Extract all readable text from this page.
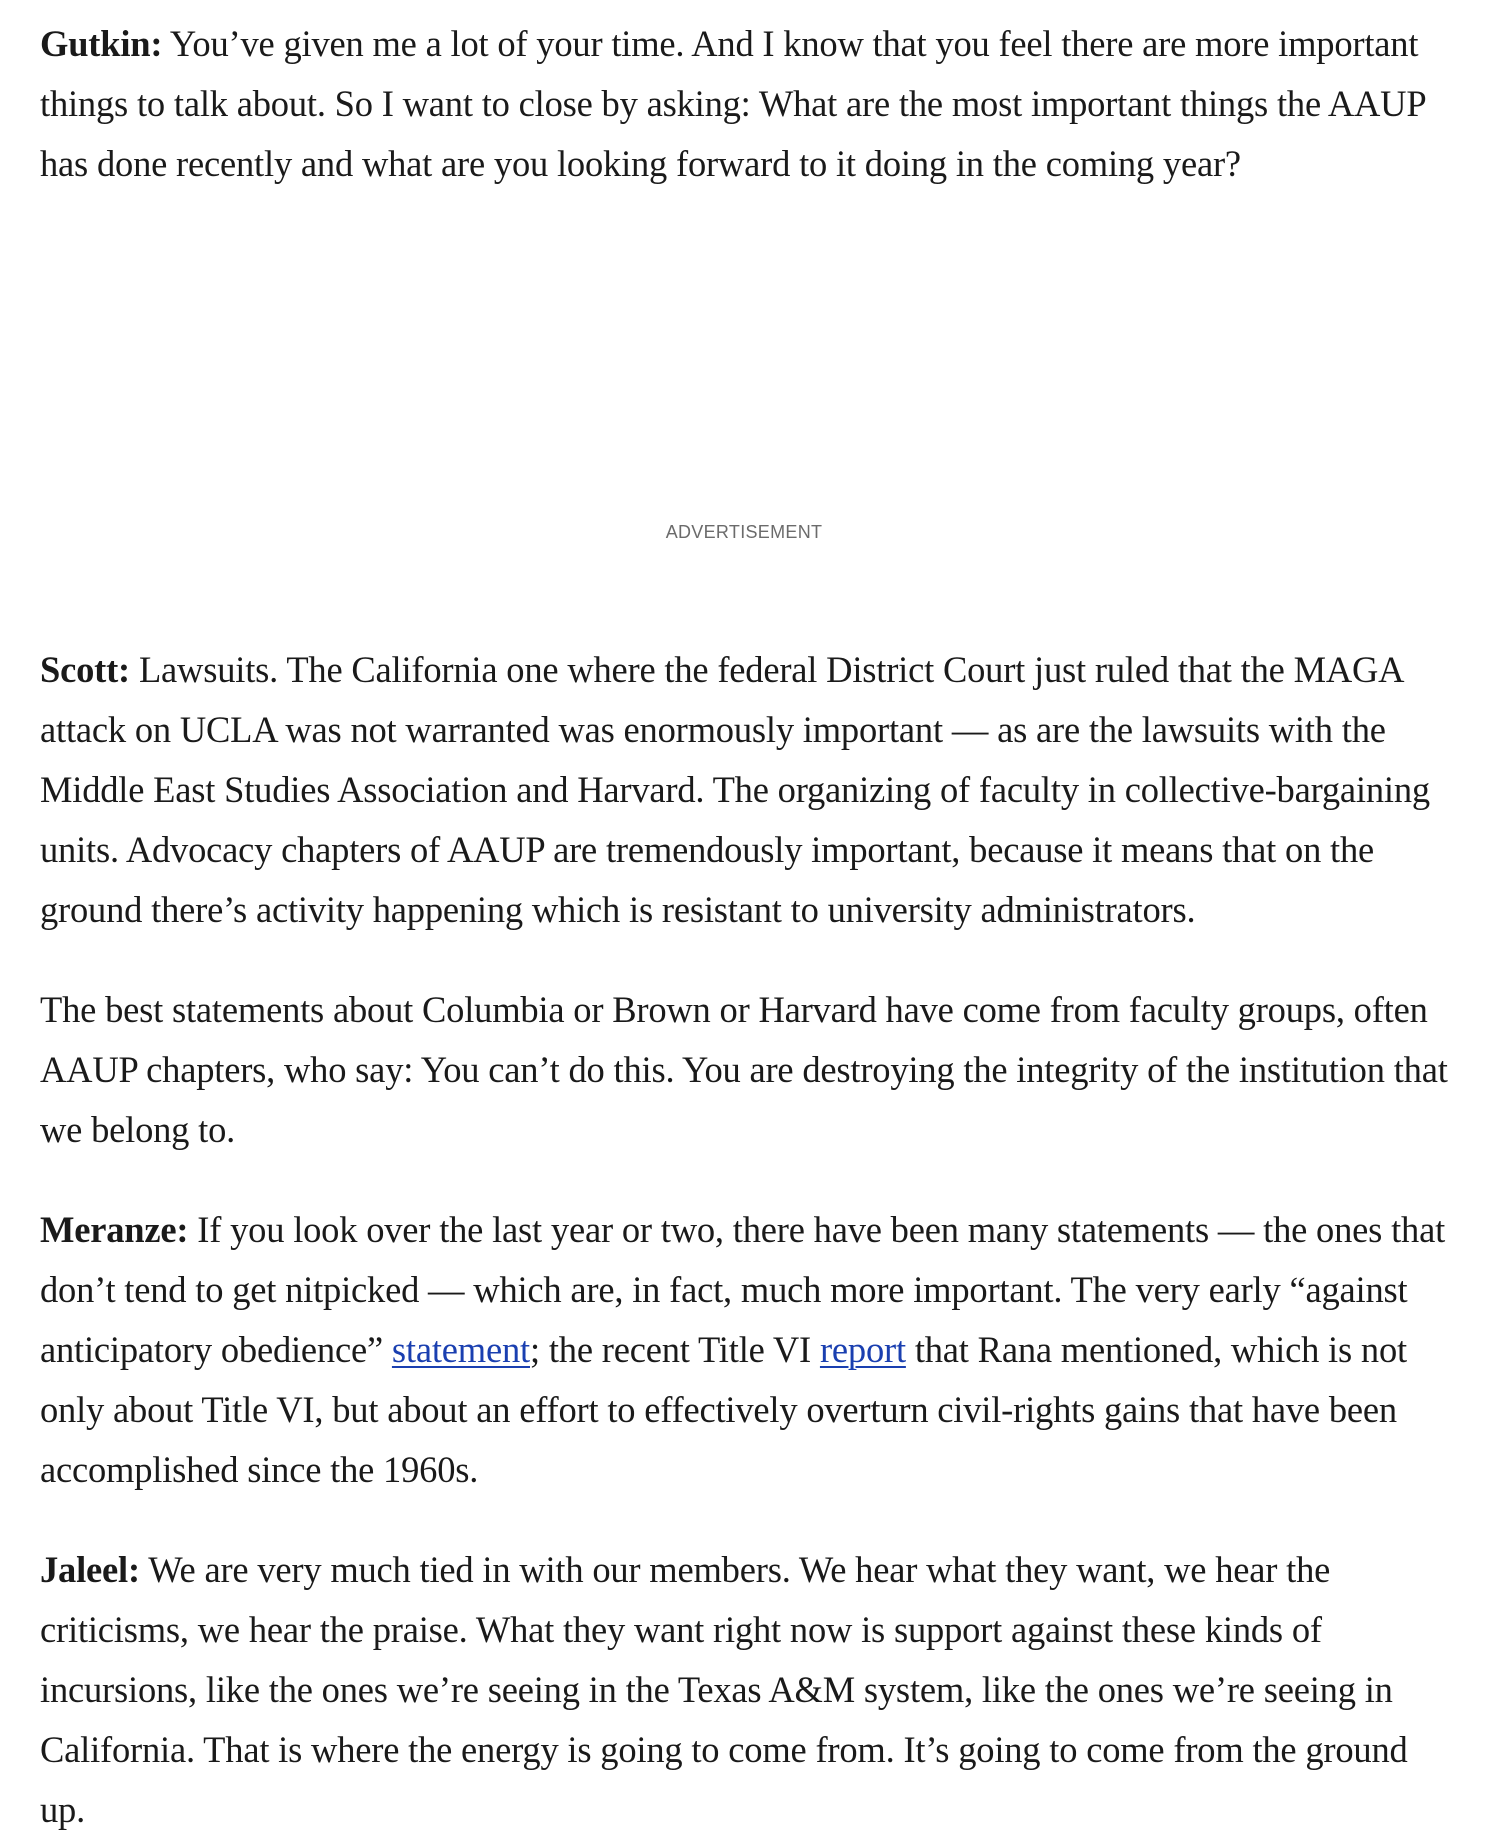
Gutkin: You’ve given me a lot of your time. And I know that you feel there are more important things to talk about. So I want to close by asking: What are the most important things the AAUP has done recently and what are you looking forward to it doing in the coming year?

ADVERTISEMENT

Scott: Lawsuits. The California one where the federal District Court just ruled that the MAGA attack on UCLA was not warranted was enormously important — as are the lawsuits with the Middle East Studies Association and Harvard. The organizing of faculty in collective-bargaining units. Advocacy chapters of AAUP are tremendously important, because it means that on the ground there’s activity happening which is resistant to university administrators.

The best statements about Columbia or Brown or Harvard have come from faculty groups, often AAUP chapters, who say: You can’t do this. You are destroying the integrity of the institution that we belong to.

Meranze: If you look over the last year or two, there have been many statements — the ones that don’t tend to get nitpicked — which are, in fact, much more important. The very early “against anticipatory obedience” statement; the recent Title VI report that Rana mentioned, which is not only about Title VI, but about an effort to effectively overturn civil-rights gains that have been accomplished since the 1960s.

Jaleel: We are very much tied in with our members. We hear what they want, we hear the criticisms, we hear the praise. What they want right now is support against these kinds of incursions, like the ones we’re seeing in the Texas A&M system, like the ones we’re seeing in California. That is where the energy is going to come from. It’s going to come from the ground up.
